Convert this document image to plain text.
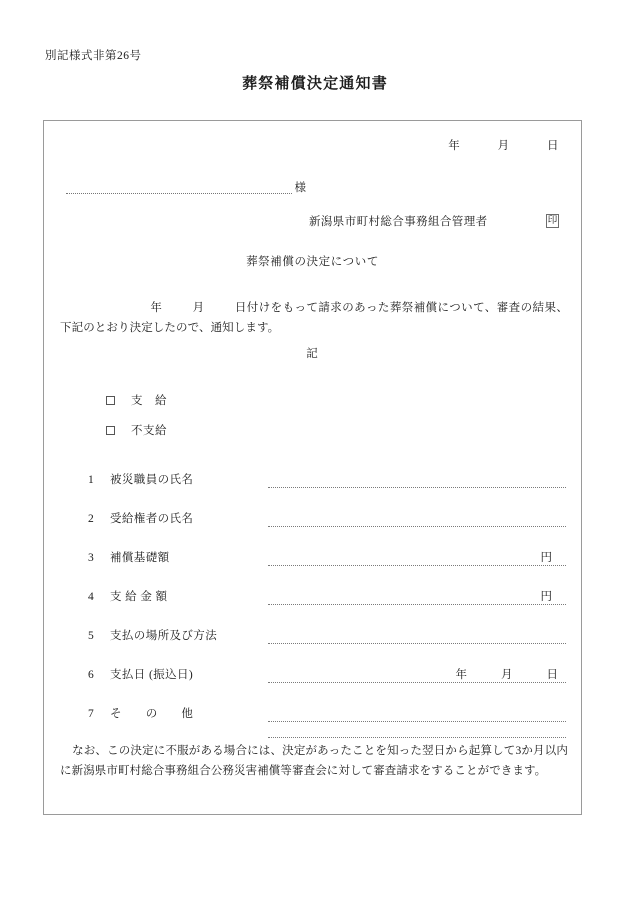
別記様式非第26号
葬祭補償決定通知書
年	月	日
様
新潟県市町村総合事務組合管理者	印
葬祭補償の決定について
年	月	日付けをもって請求のあった葬祭補償について、審査の結果、下記のとおり決定したので、通知します。
記
支　給
不支給
1	被災職員の氏名
2	受給権者の氏名
3	補償基礎額	円
4	支 給 金 額	円
5	支払の場所及び方法
6	支払日 (振込日)	年	月	日
7	そ　　の　　他
なお、この決定に不服がある場合には、決定があったことを知った翌日から起算して3か月以内に新潟県市町村総合事務組合公務災害補償等審査会に対して審査請求をすることができます。
